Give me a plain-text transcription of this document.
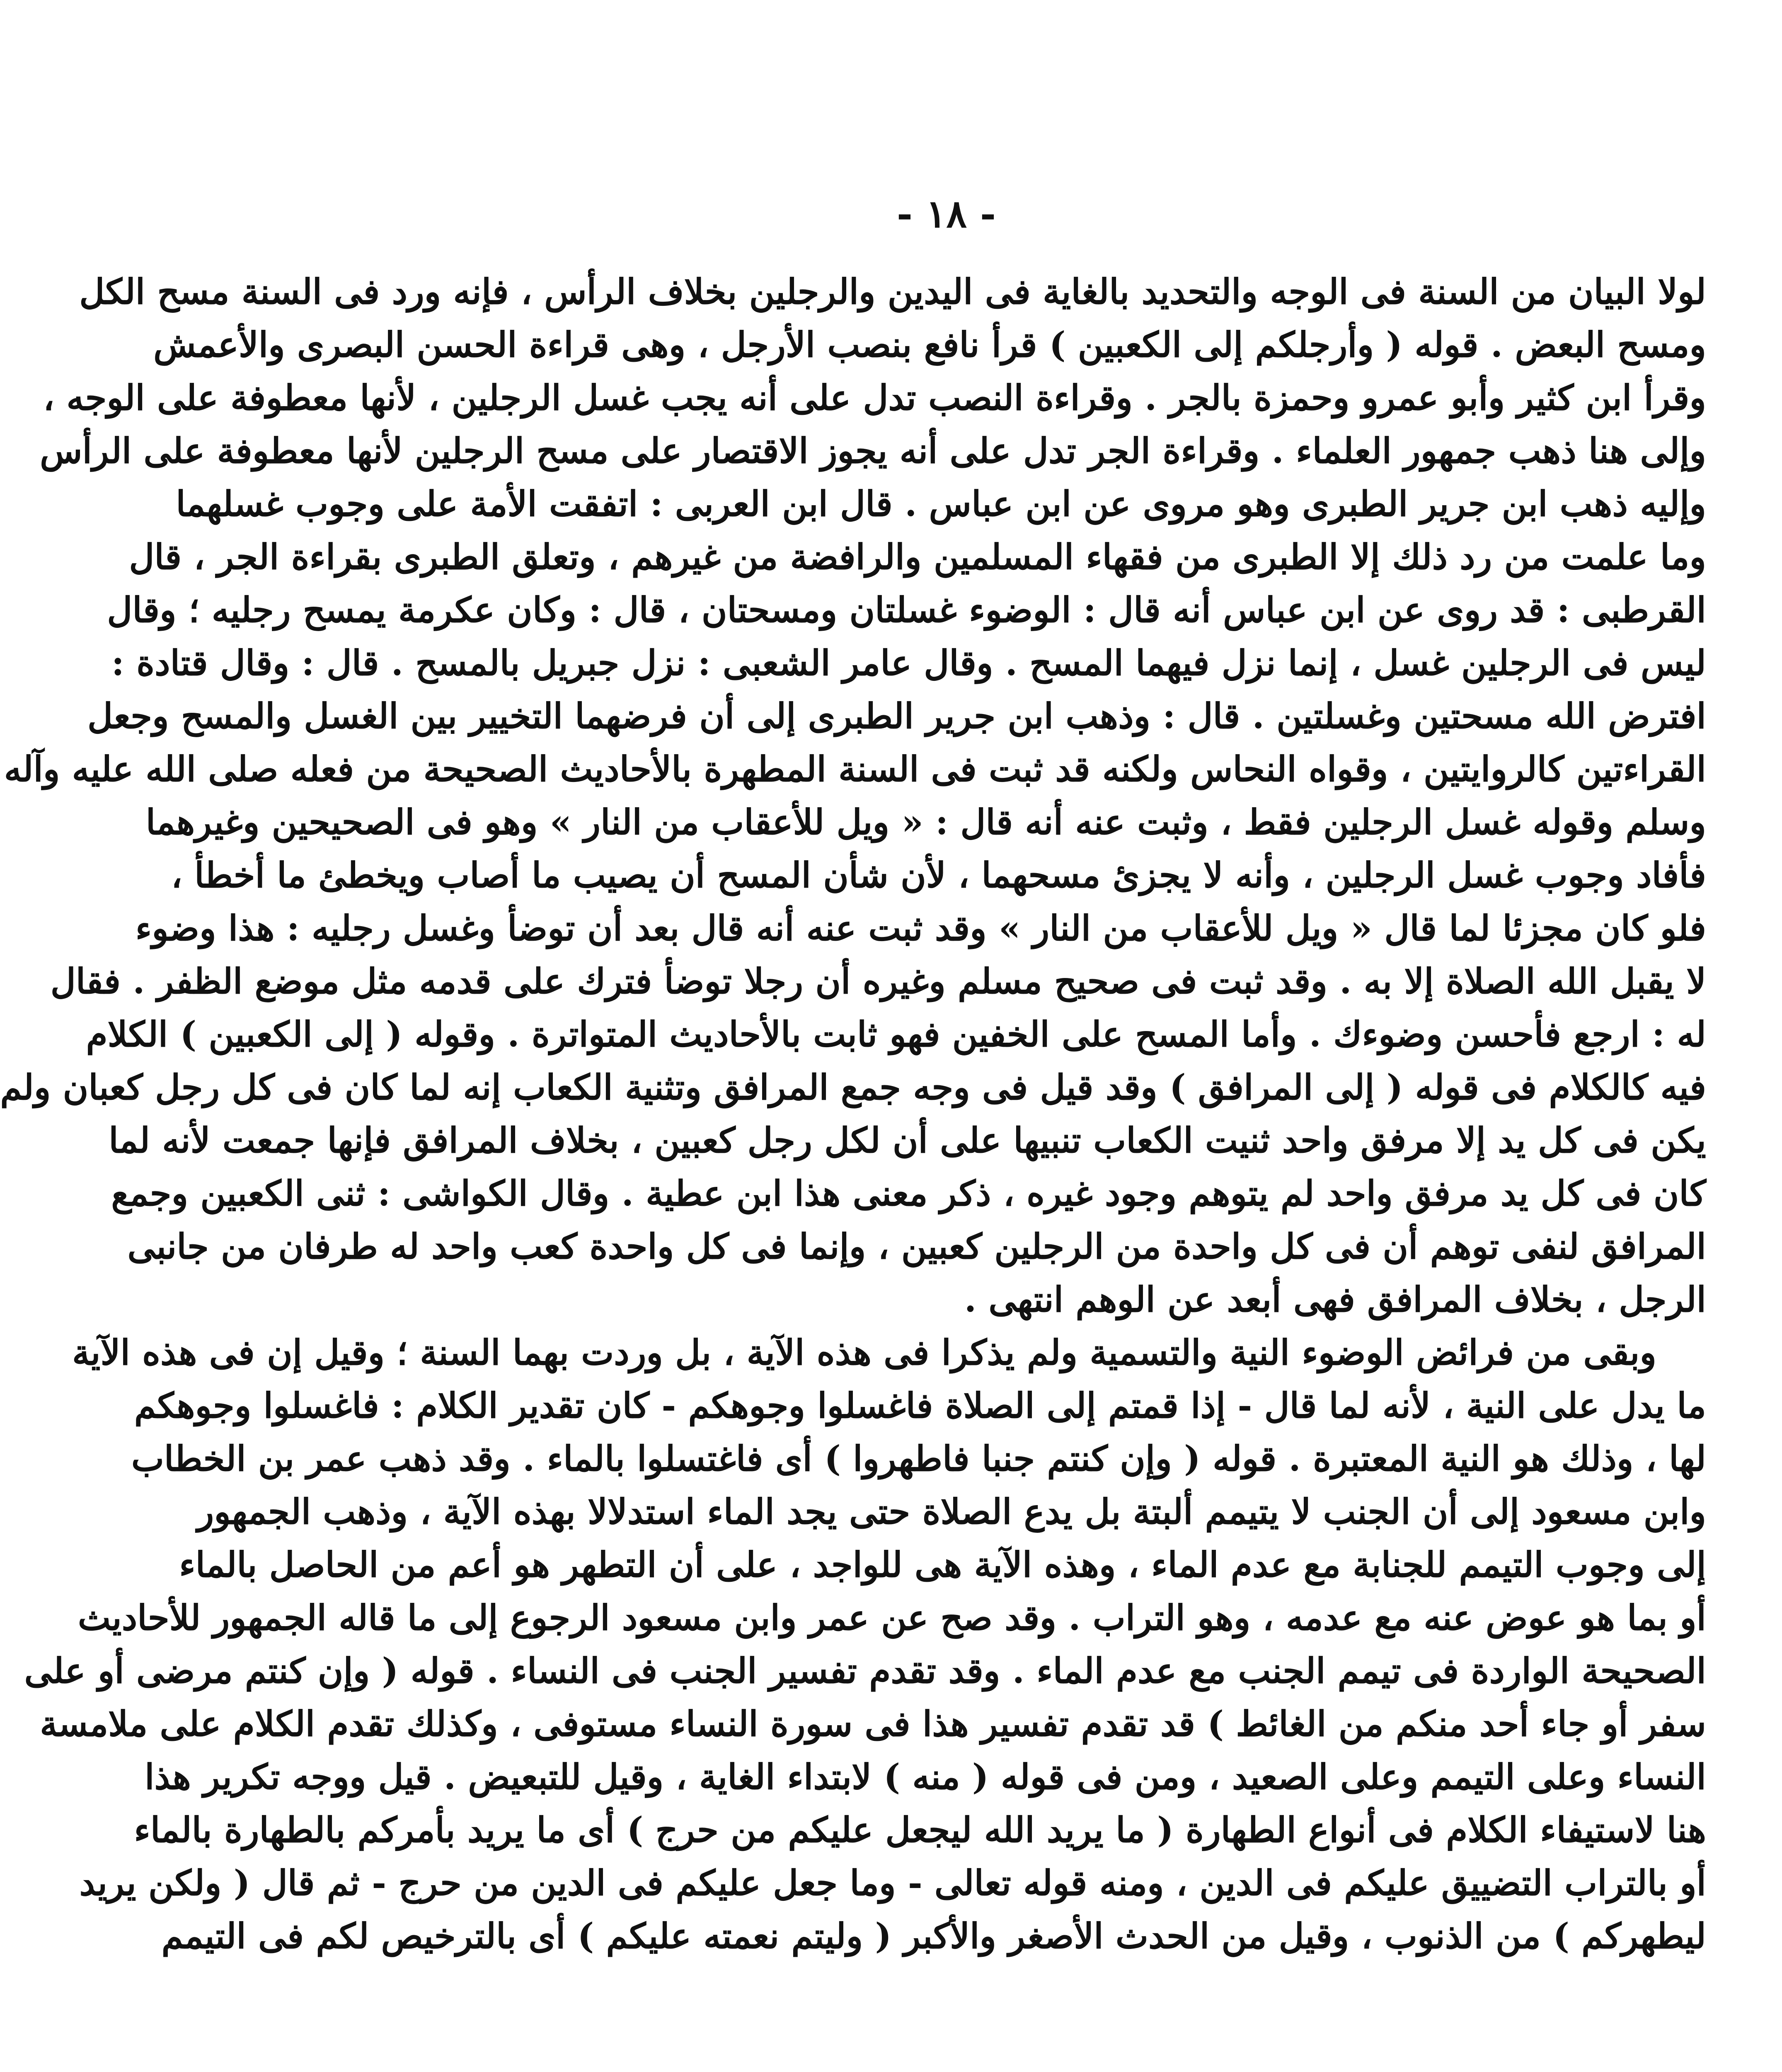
- ١٨ -
لولا البيان من السنة فى الوجه والتحديد بالغاية فى اليدين والرجلين بخلاف الرأس ، فإنه ورد فى السنة مسح الكل
ومسح البعض . قوله ( وأرجلكم إلى الكعبين ) قرأ نافع بنصب الأرجل ، وهى قراءة الحسن البصرى والأعمش
وقرأ ابن كثير وأبو عمرو وحمزة بالجر . وقراءة النصب تدل على أنه يجب غسل الرجلين ، لأنها معطوفة على الوجه ،
وإلى هنا ذهب جمهور العلماء . وقراءة الجر تدل على أنه يجوز الاقتصار على مسح الرجلين لأنها معطوفة على الرأس
وإليه ذهب ابن جرير الطبرى وهو مروى عن ابن عباس . قال ابن العربى : اتفقت الأمة على وجوب غسلهما
وما علمت من رد ذلك إلا الطبرى من فقهاء المسلمين والرافضة من غيرهم ، وتعلق الطبرى بقراءة الجر ، قال
القرطبى : قد روى عن ابن عباس أنه قال : الوضوء غسلتان ومسحتان ، قال : وكان عكرمة يمسح رجليه ؛ وقال
ليس فى الرجلين غسل ، إنما نزل فيهما المسح . وقال عامر الشعبى : نزل جبريل بالمسح . قال : وقال قتادة :
افترض الله مسحتين وغسلتين . قال : وذهب ابن جرير الطبرى إلى أن فرضهما التخيير بين الغسل والمسح وجعل
القراءتين كالروايتين ، وقواه النحاس ولكنه قد ثبت فى السنة المطهرة بالأحاديث الصحيحة من فعله صلى الله عليه وآله
وسلم وقوله غسل الرجلين فقط ، وثبت عنه أنه قال : « ويل للأعقاب من النار » وهو فى الصحيحين وغيرهما
فأفاد وجوب غسل الرجلين ، وأنه لا يجزئ مسحهما ، لأن شأن المسح أن يصيب ما أصاب ويخطئ ما أخطأ ،
فلو كان مجزئا لما قال « ويل للأعقاب من النار » وقد ثبت عنه أنه قال بعد أن توضأ وغسل رجليه : هذا وضوء
لا يقبل الله الصلاة إلا به . وقد ثبت فى صحيح مسلم وغيره أن رجلا توضأ فترك على قدمه مثل موضع الظفر . فقال
له : ارجع فأحسن وضوءك . وأما المسح على الخفين فهو ثابت بالأحاديث المتواترة . وقوله ( إلى الكعبين ) الكلام
فيه كالكلام فى قوله ( إلى المرافق ) وقد قيل فى وجه جمع المرافق وتثنية الكعاب إنه لما كان فى كل رجل كعبان ولم
يكن فى كل يد إلا مرفق واحد ثنيت الكعاب تنبيها على أن لكل رجل كعبين ، بخلاف المرافق فإنها جمعت لأنه لما
كان فى كل يد مرفق واحد لم يتوهم وجود غيره ، ذكر معنى هذا ابن عطية . وقال الكواشى : ثنى الكعبين وجمع
المرافق لنفى توهم أن فى كل واحدة من الرجلين كعبين ، وإنما فى كل واحدة كعب واحد له طرفان من جانبى
الرجل ، بخلاف المرافق فهى أبعد عن الوهم انتهى .
وبقى من فرائض الوضوء النية والتسمية ولم يذكرا فى هذه الآية ، بل وردت بهما السنة ؛ وقيل إن فى هذه الآية
ما يدل على النية ، لأنه لما قال - إذا قمتم إلى الصلاة فاغسلوا وجوهكم - كان تقدير الكلام : فاغسلوا وجوهكم
لها ، وذلك هو النية المعتبرة . قوله ( وإن كنتم جنبا فاطهروا ) أى فاغتسلوا بالماء . وقد ذهب عمر بن الخطاب
وابن مسعود إلى أن الجنب لا يتيمم ألبتة بل يدع الصلاة حتى يجد الماء استدلالا بهذه الآية ، وذهب الجمهور
إلى وجوب التيمم للجنابة مع عدم الماء ، وهذه الآية هى للواجد ، على أن التطهر هو أعم من الحاصل بالماء
أو بما هو عوض عنه مع عدمه ، وهو التراب . وقد صح عن عمر وابن مسعود الرجوع إلى ما قاله الجمهور للأحاديث
الصحيحة الواردة فى تيمم الجنب مع عدم الماء . وقد تقدم تفسير الجنب فى النساء . قوله ( وإن كنتم مرضى أو على
سفر أو جاء أحد منكم من الغائط ) قد تقدم تفسير هذا فى سورة النساء مستوفى ، وكذلك تقدم الكلام على ملامسة
النساء وعلى التيمم وعلى الصعيد ، ومن فى قوله ( منه ) لابتداء الغاية ، وقيل للتبعيض . قيل ووجه تكرير هذا
هنا لاستيفاء الكلام فى أنواع الطهارة ( ما يريد الله ليجعل عليكم من حرج ) أى ما يريد بأمركم بالطهارة بالماء
أو بالتراب التضييق عليكم فى الدين ، ومنه قوله تعالى - وما جعل عليكم فى الدين من حرج - ثم قال ( ولكن يريد
ليطهركم ) من الذنوب ، وقيل من الحدث الأصغر والأكبر ( وليتم نعمته عليكم ) أى بالترخيص لكم فى التيمم
